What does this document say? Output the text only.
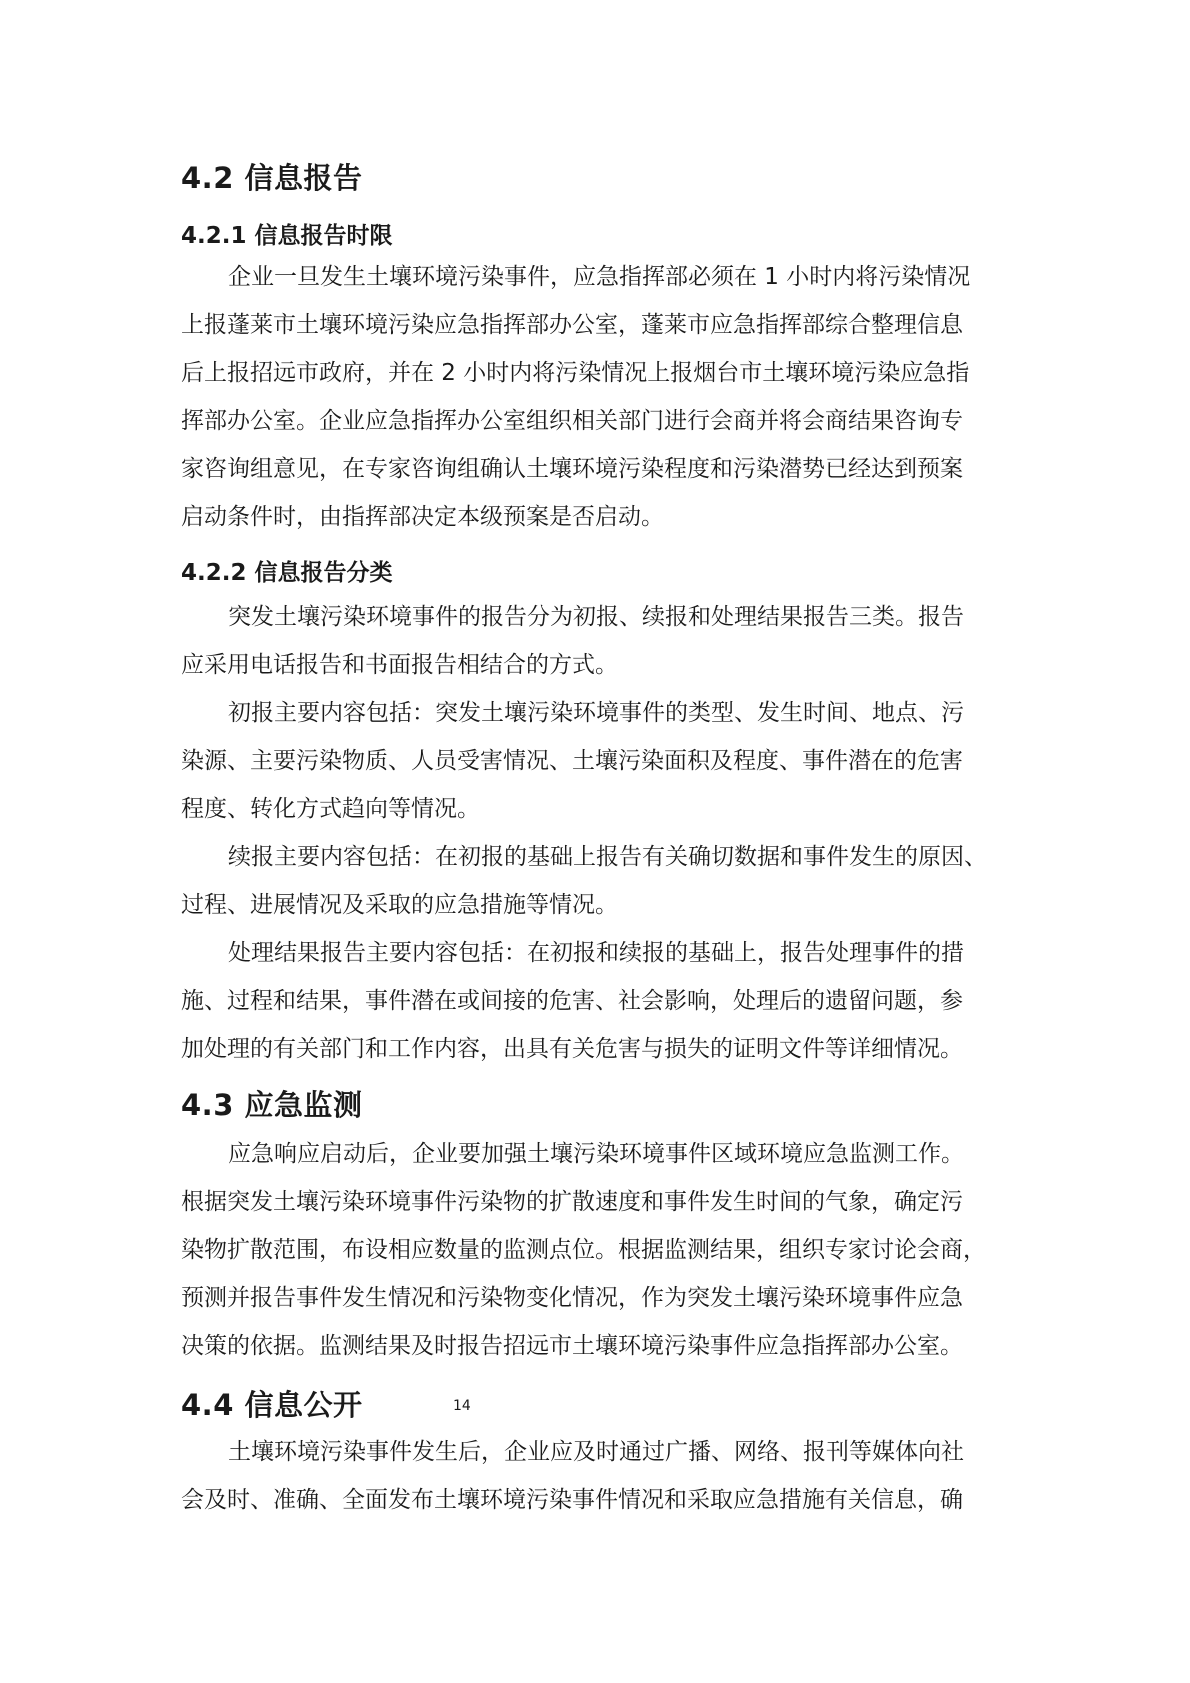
4.2 信息报告
4.2.1 信息报告时限
企业一旦发生土壤环境污染事件，应急指挥部必须在 1 小时内将污染情况
上报蓬莱市土壤环境污染应急指挥部办公室，蓬莱市应急指挥部综合整理信息
后上报招远市政府，并在 2 小时内将污染情况上报烟台市土壤环境污染应急指
挥部办公室。企业应急指挥办公室组织相关部门进行会商并将会商结果咨询专
家咨询组意见，在专家咨询组确认土壤环境污染程度和污染潜势已经达到预案
启动条件时，由指挥部决定本级预案是否启动。
4.2.2 信息报告分类
突发土壤污染环境事件的报告分为初报、续报和处理结果报告三类。报告
应采用电话报告和书面报告相结合的方式。
初报主要内容包括：突发土壤污染环境事件的类型、发生时间、地点、污
染源、主要污染物质、人员受害情况、土壤污染面积及程度、事件潜在的危害
程度、转化方式趋向等情况。
续报主要内容包括：在初报的基础上报告有关确切数据和事件发生的原因、
过程、进展情况及采取的应急措施等情况。
处理结果报告主要内容包括：在初报和续报的基础上，报告处理事件的措
施、过程和结果，事件潜在或间接的危害、社会影响，处理后的遗留问题，参
加处理的有关部门和工作内容，出具有关危害与损失的证明文件等详细情况。
4.3 应急监测
应急响应启动后，企业要加强土壤污染环境事件区域环境应急监测工作。
根据突发土壤污染环境事件污染物的扩散速度和事件发生时间的气象，确定污
染物扩散范围，布设相应数量的监测点位。根据监测结果，组织专家讨论会商，
预测并报告事件发生情况和污染物变化情况，作为突发土壤污染环境事件应急
决策的依据。监测结果及时报告招远市土壤环境污染事件应急指挥部办公室。
4.4 信息公开	14
土壤环境污染事件发生后，企业应及时通过广播、网络、报刊等媒体向社
会及时、准确、全面发布土壤环境污染事件情况和采取应急措施有关信息，确
